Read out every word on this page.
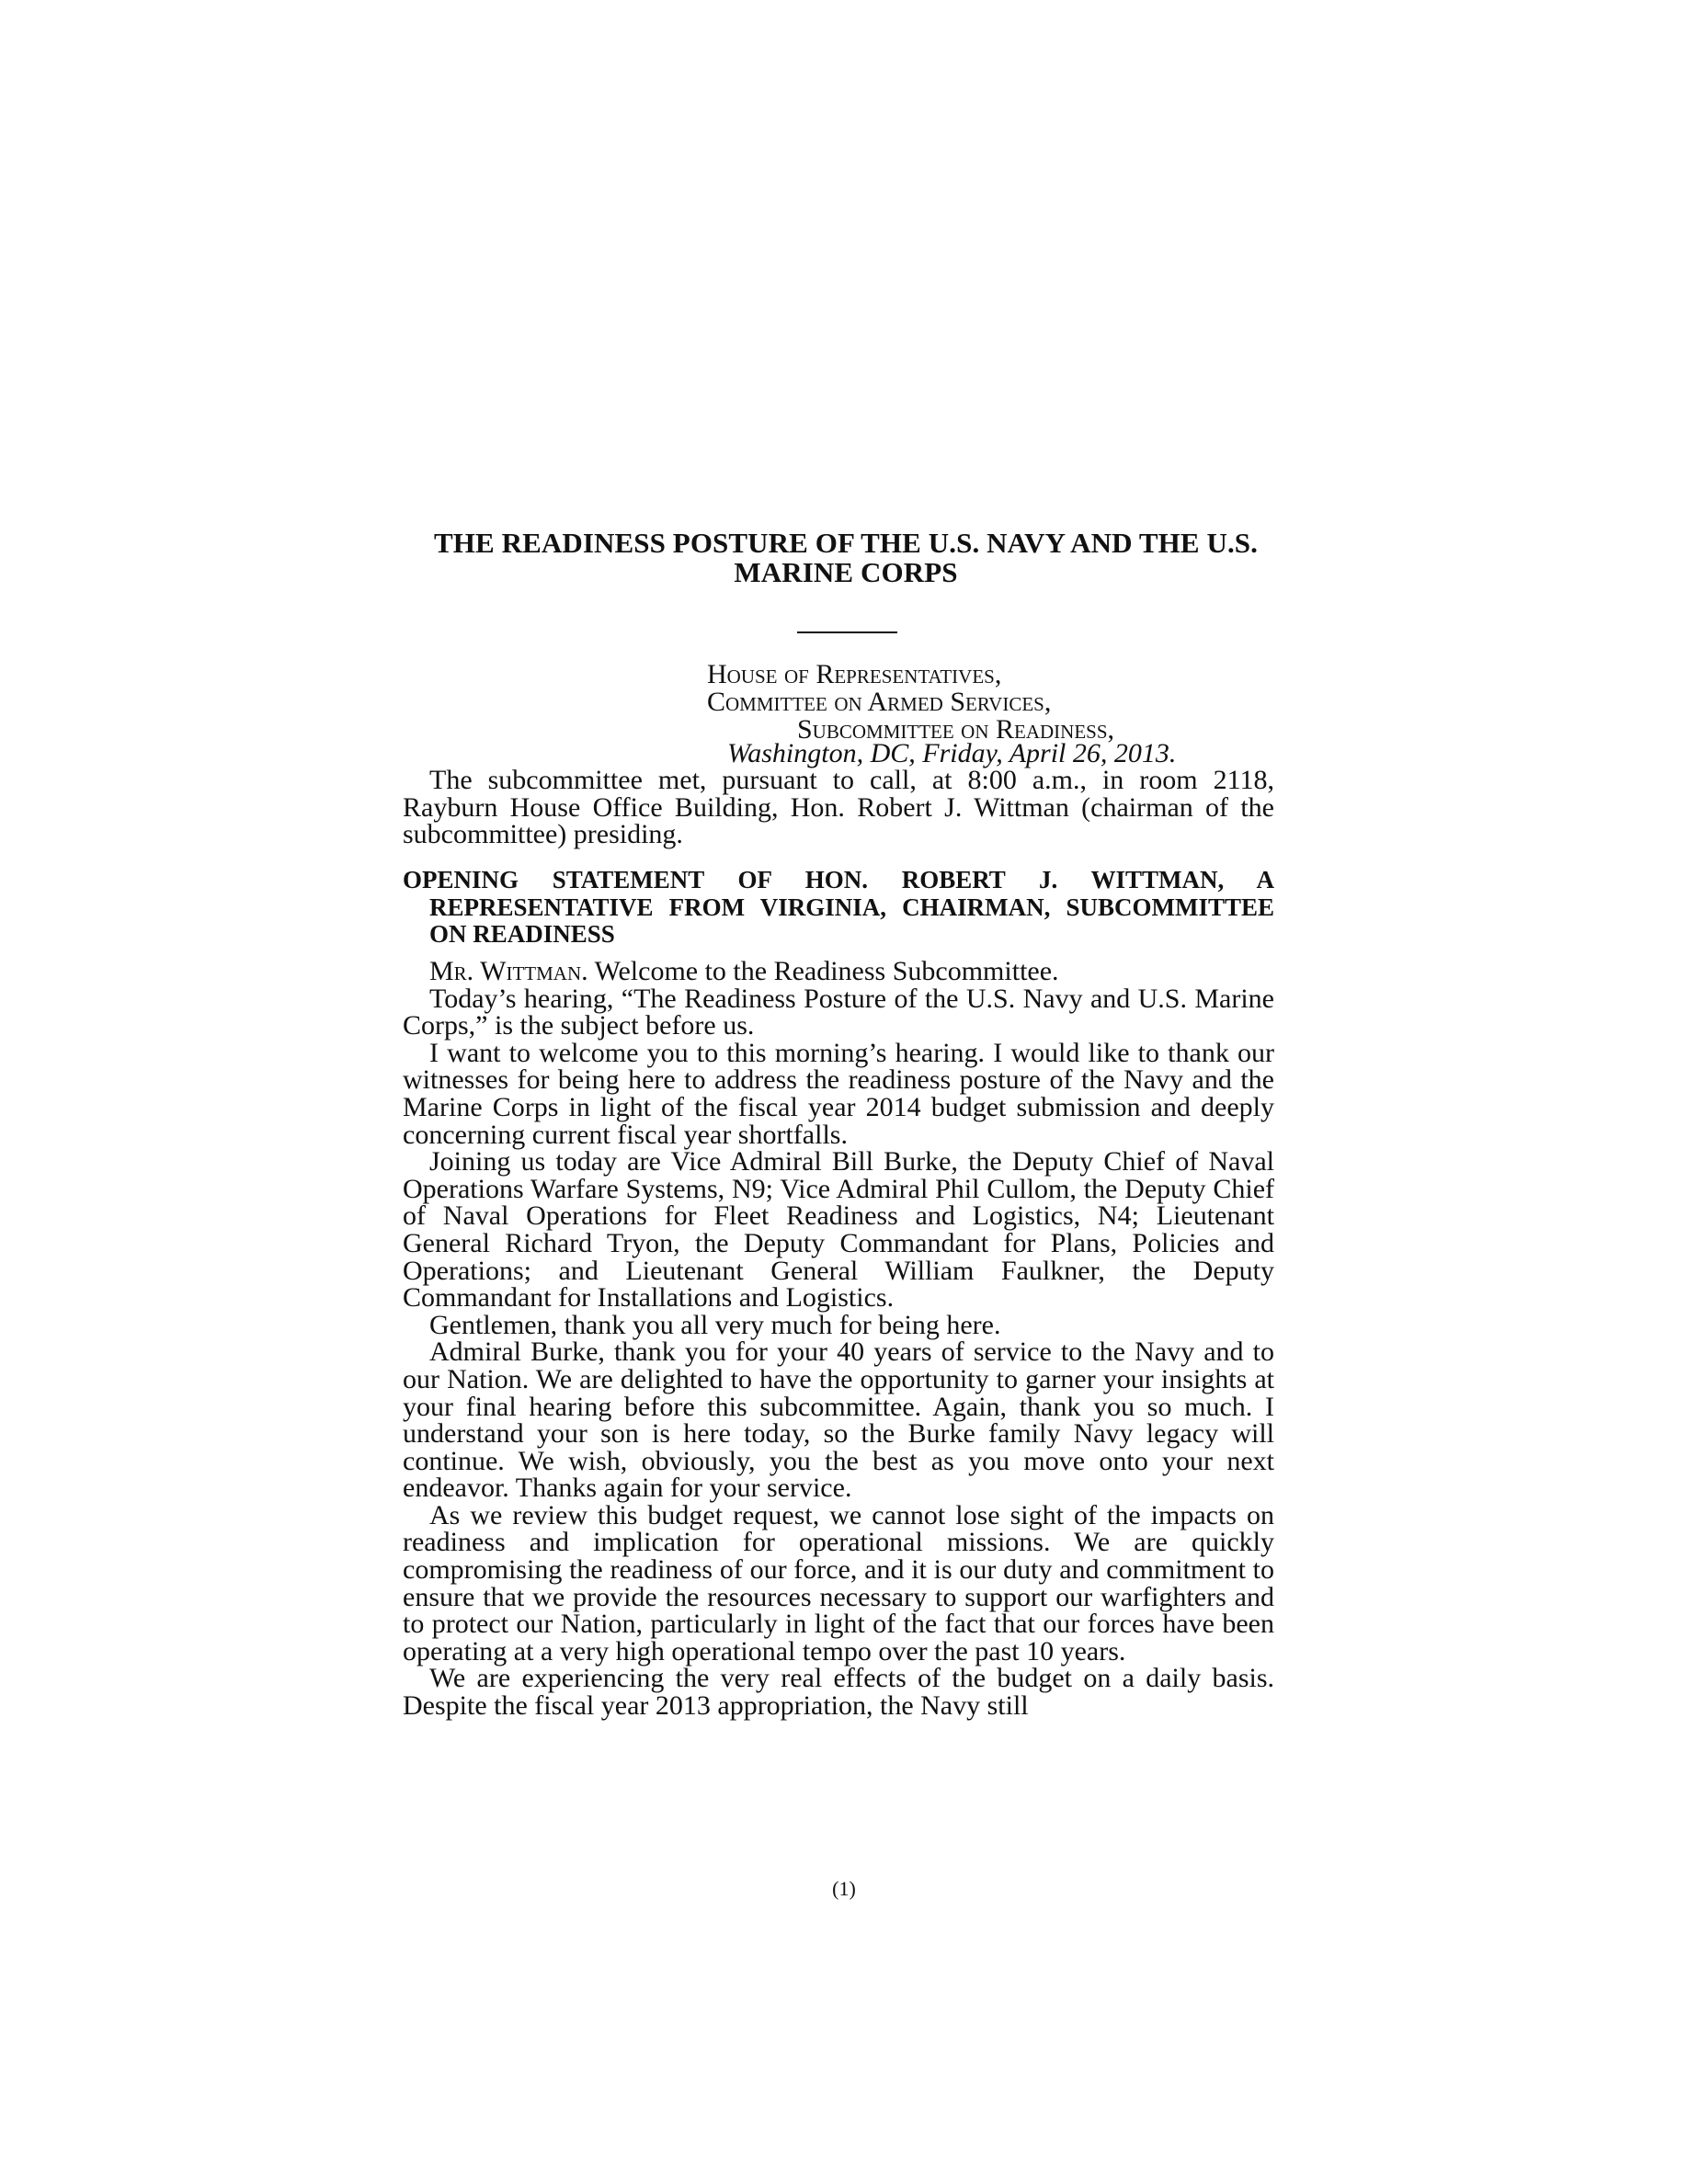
THE READINESS POSTURE OF THE U.S. NAVY AND THE U.S. MARINE CORPS
House of Representatives,
Committee on Armed Services,
Subcommittee on Readiness,
Washington, DC, Friday, April 26, 2013.

The subcommittee met, pursuant to call, at 8:00 a.m., in room 2118, Rayburn House Office Building, Hon. Robert J. Wittman (chairman of the subcommittee) presiding.

OPENING STATEMENT OF HON. ROBERT J. WITTMAN, A REPRESENTATIVE FROM VIRGINIA, CHAIRMAN, SUBCOMMITTEE ON READINESS

Mr. Wittman. Welcome to the Readiness Subcommittee.

Today’s hearing, “The Readiness Posture of the U.S. Navy and U.S. Marine Corps,” is the subject before us.

I want to welcome you to this morning’s hearing. I would like to thank our witnesses for being here to address the readiness posture of the Navy and the Marine Corps in light of the fiscal year 2014 budget submission and deeply concerning current fiscal year shortfalls.

Joining us today are Vice Admiral Bill Burke, the Deputy Chief of Naval Operations Warfare Systems, N9; Vice Admiral Phil Cullom, the Deputy Chief of Naval Operations for Fleet Readiness and Logistics, N4; Lieutenant General Richard Tryon, the Deputy Commandant for Plans, Policies and Operations; and Lieutenant General William Faulkner, the Deputy Commandant for Installations and Logistics.

Gentlemen, thank you all very much for being here.

Admiral Burke, thank you for your 40 years of service to the Navy and to our Nation. We are delighted to have the opportunity to garner your insights at your final hearing before this subcommittee. Again, thank you so much. I understand your son is here today, so the Burke family Navy legacy will continue. We wish, obviously, you the best as you move onto your next endeavor. Thanks again for your service.

As we review this budget request, we cannot lose sight of the impacts on readiness and implication for operational missions. We are quickly compromising the readiness of our force, and it is our duty and commitment to ensure that we provide the resources necessary to support our warfighters and to protect our Nation, particularly in light of the fact that our forces have been operating at a very high operational tempo over the past 10 years.

We are experiencing the very real effects of the budget on a daily basis. Despite the fiscal year 2013 appropriation, the Navy still

(1)
